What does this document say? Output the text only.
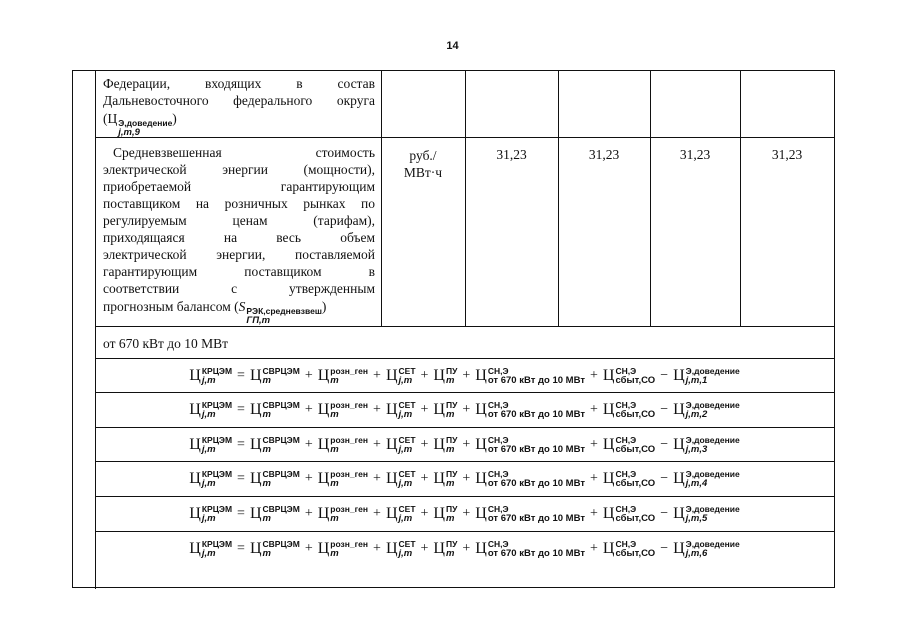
14
Федерации, входящих в состав
Дальневосточного федерального округа
(Ц Э,доведение
j,m,9
)
Средневзвешенная стоимость
электрической энергии (мощности),
приобретаемой гарантирующим
поставщиком на розничных рынках по
регулируемым ценам (тарифам),
приходящаяся на весь объем
электрической энергии, поставляемой
гарантирующим поставщиком в
соответствии с утвержденным
прогнозным балансом (S РЭК,средневзвеш
ГП,m
)
руб./
МВт·ч
31,23	31,23	31,23	31,23
от 670 кВт до 10 МВт
Ц КРЦЭМ
j,m	= Ц СВРЦЭМ
m	+ Ц розн_ген
m	+ Ц СЕТ
j,m + Ц ПУ
m + Ц СН,Э
от 670 кВт до 10 МВт + Ц СН,Э
сбыт,СО − Ц Э,доведение
j,m,1
Ц КРЦЭМ
j,m	= Ц СВРЦЭМ
m	+ Ц розн_ген
m	+ Ц СЕТ
j,m + Ц ПУ
m + Ц СН,Э
от 670 кВт до 10 МВт + Ц СН,Э
сбыт,СО − Ц Э,доведение
j,m,2
Ц КРЦЭМ
j,m	= Ц СВРЦЭМ
m	+ Ц розн_ген
m	+ Ц СЕТ
j,m + Ц ПУ
m + Ц СН,Э
от 670 кВт до 10 МВт + Ц СН,Э
сбыт,СО − Ц Э,доведение
j,m,3
Ц КРЦЭМ
j,m	= Ц СВРЦЭМ
m	+ Ц розн_ген
m	+ Ц СЕТ
j,m + Ц ПУ
m + Ц СН,Э
от 670 кВт до 10 МВт + Ц СН,Э
сбыт,СО − Ц Э,доведение
j,m,4
Ц КРЦЭМ
j,m	= Ц СВРЦЭМ
m	+ Ц розн_ген
m	+ Ц СЕТ
j,m + Ц ПУ
m + Ц СН,Э
от 670 кВт до 10 МВт + Ц СН,Э
сбыт,СО − Ц Э,доведение
j,m,5
Ц КРЦЭМ
j,m	= Ц СВРЦЭМ
m	+ Ц розн_ген
m	+ Ц СЕТ
j,m + Ц ПУ
m + Ц СН,Э
от 670 кВт до 10 МВт + Ц СН,Э
сбыт,СО − Ц Э,доведение
j,m,6
